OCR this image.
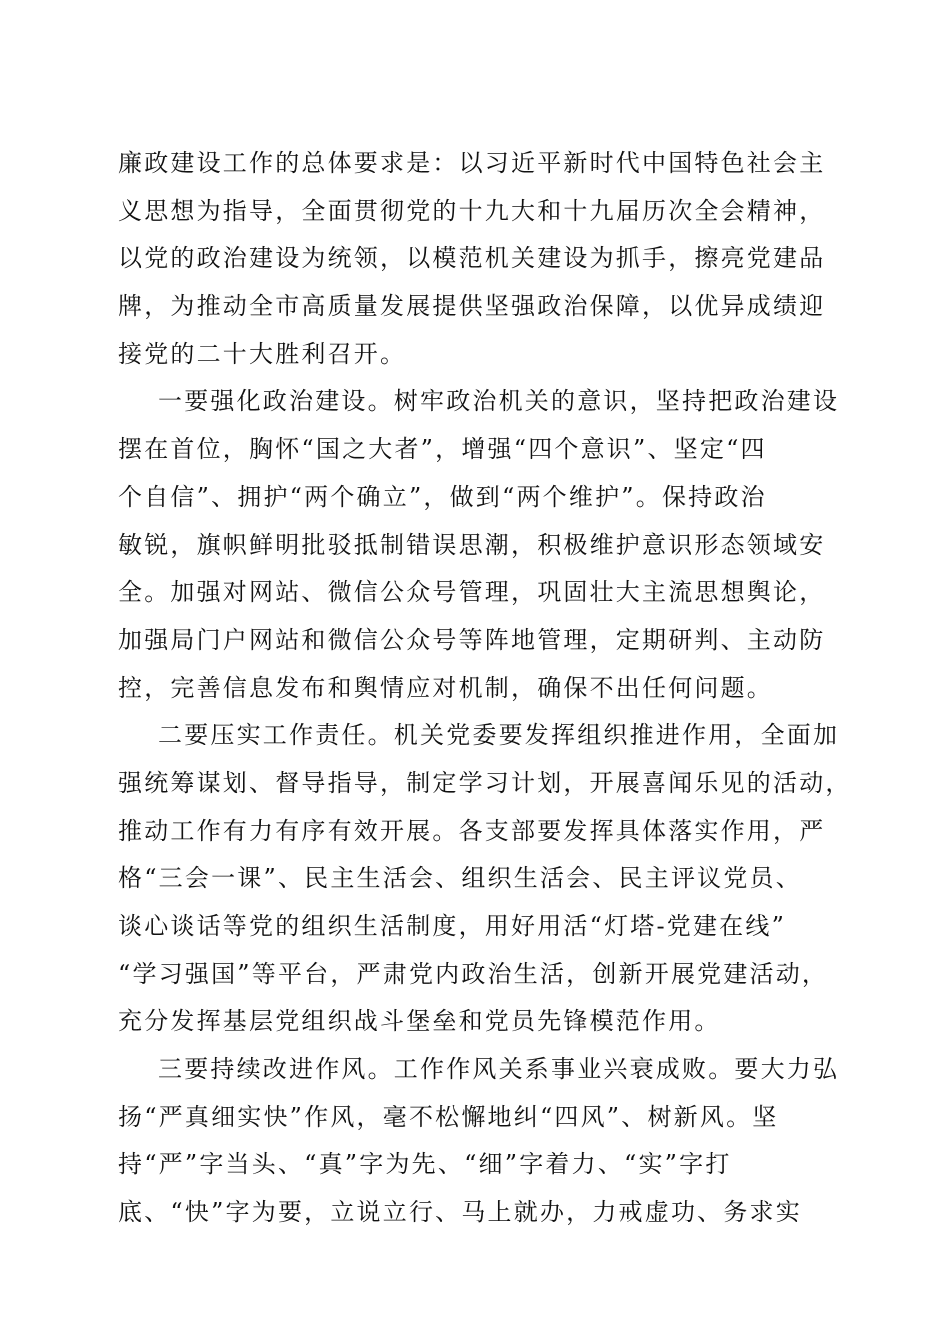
廉政建设工作的总体要求是：以习近平新时代中国特色社会主
义思想为指导，全面贯彻党的十九大和十九届历次全会精神，
以党的政治建设为统领，以模范机关建设为抓手，擦亮党建品
牌，为推动全市高质量发展提供坚强政治保障，以优异成绩迎
接党的二十大胜利召开。
一要强化政治建设。树牢政治机关的意识，坚持把政治建设
摆在首位，胸怀“国之大者”，增强“四个意识”、坚定“四
个自信”、拥护“两个确立”，做到“两个维护”。保持政治
敏锐，旗帜鲜明批驳抵制错误思潮，积极维护意识形态领域安
全。加强对网站、微信公众号管理，巩固壮大主流思想舆论，
加强局门户网站和微信公众号等阵地管理，定期研判、主动防
控，完善信息发布和舆情应对机制，确保不出任何问题。
二要压实工作责任。机关党委要发挥组织推进作用，全面加
强统筹谋划、督导指导，制定学习计划，开展喜闻乐见的活动，
推动工作有力有序有效开展。各支部要发挥具体落实作用，严
格“三会一课”、民主生活会、组织生活会、民主评议党员、
谈心谈话等党的组织生活制度，用好用活“灯塔-党建在线”
“学习强国”等平台，严肃党内政治生活，创新开展党建活动，
充分发挥基层党组织战斗堡垒和党员先锋模范作用。
三要持续改进作风。工作作风关系事业兴衰成败。要大力弘
扬“严真细实快”作风，毫不松懈地纠“四风”、树新风。坚
持“严”字当头、“真”字为先、“细”字着力、“实”字打
底、“快”字为要，立说立行、马上就办，力戒虚功、务求实
